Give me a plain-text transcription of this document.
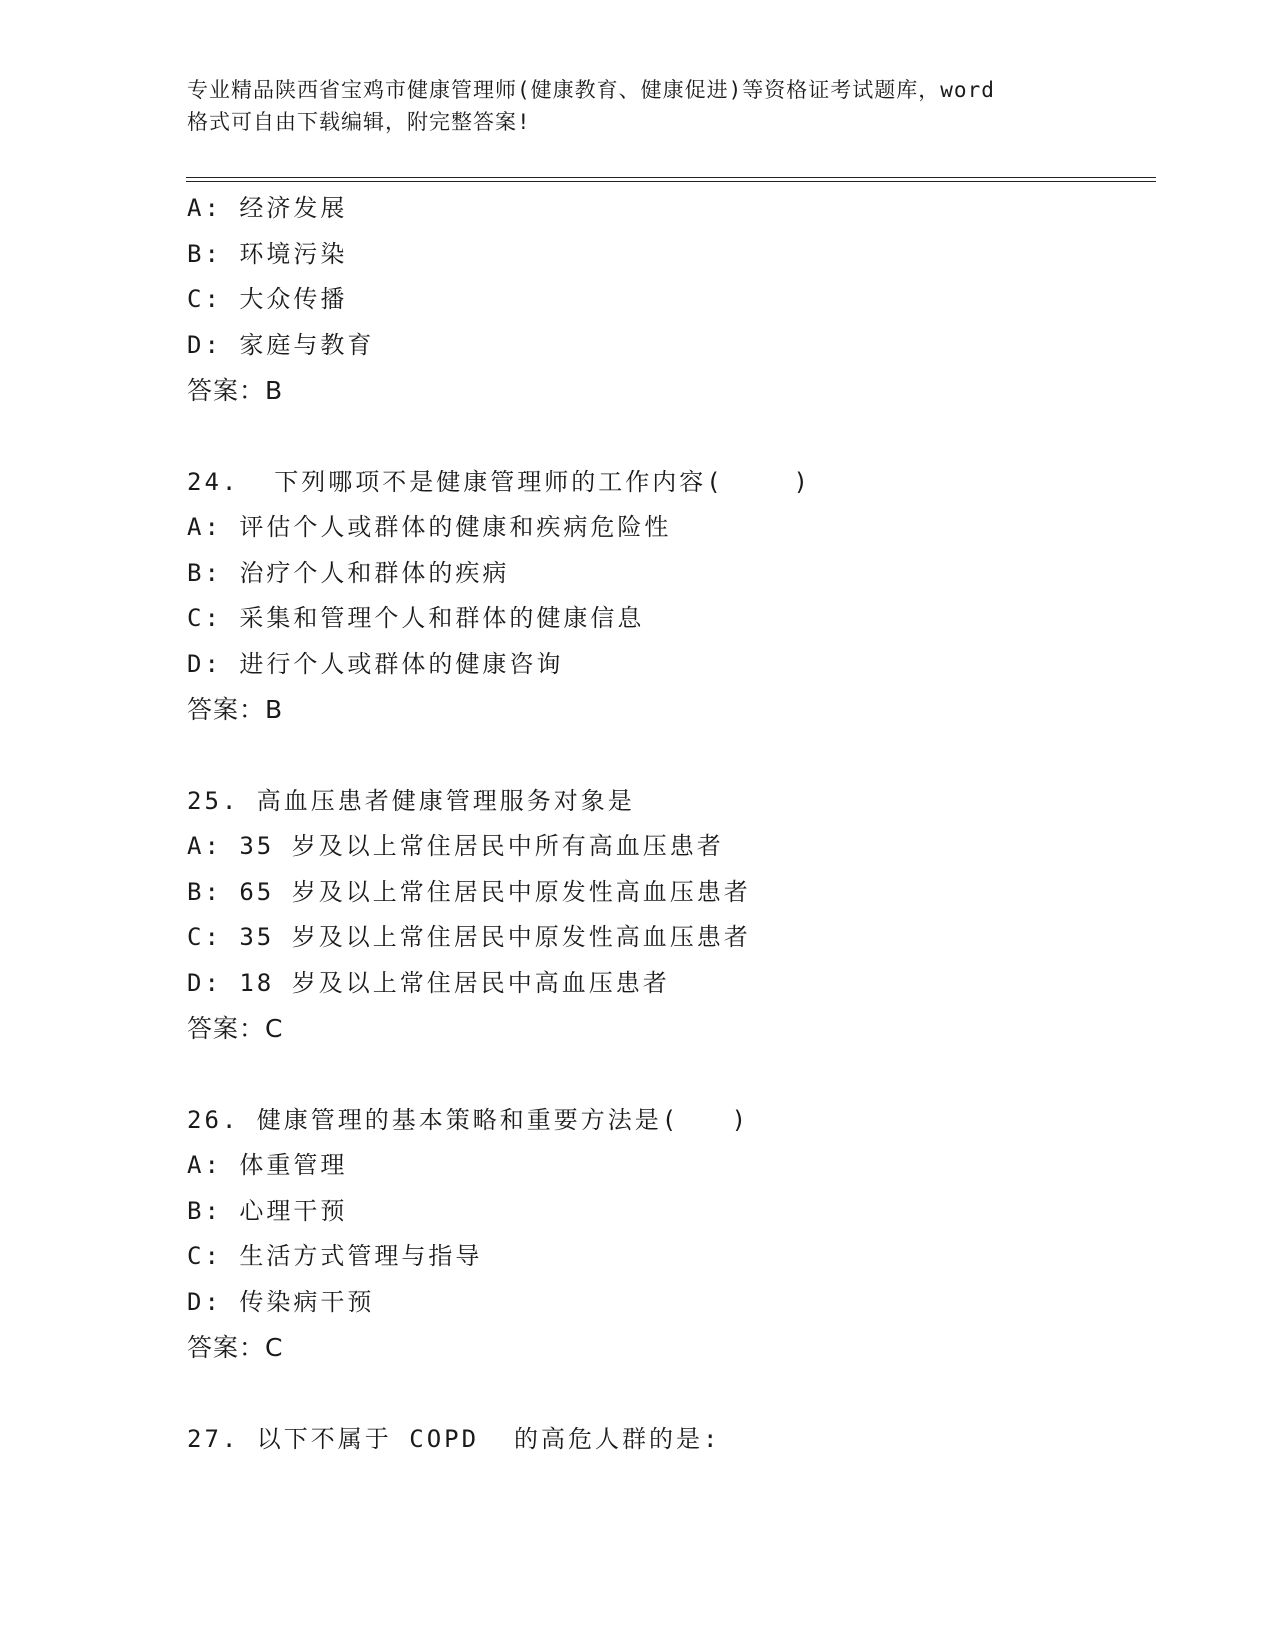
专业精品陕西省宝鸡市健康管理师(健康教育、健康促进)等资格证考试题库，word
格式可自由下载编辑，附完整答案!
A: 经济发展
B: 环境污染
C: 大众传播
D: 家庭与教育
答案：B
24.  下列哪项不是健康管理师的工作内容(    )
A: 评估个人或群体的健康和疾病危险性
B: 治疗个人和群体的疾病
C: 采集和管理个人和群体的健康信息
D: 进行个人或群体的健康咨询
答案：B
25. 高血压患者健康管理服务对象是
A: 35 岁及以上常住居民中所有高血压患者
B: 65 岁及以上常住居民中原发性高血压患者
C: 35 岁及以上常住居民中原发性高血压患者
D: 18 岁及以上常住居民中高血压患者
答案：C
26. 健康管理的基本策略和重要方法是(   )
A: 体重管理
B: 心理干预
C: 生活方式管理与指导
D: 传染病干预
答案：C
27. 以下不属于 COPD  的高危人群的是:
